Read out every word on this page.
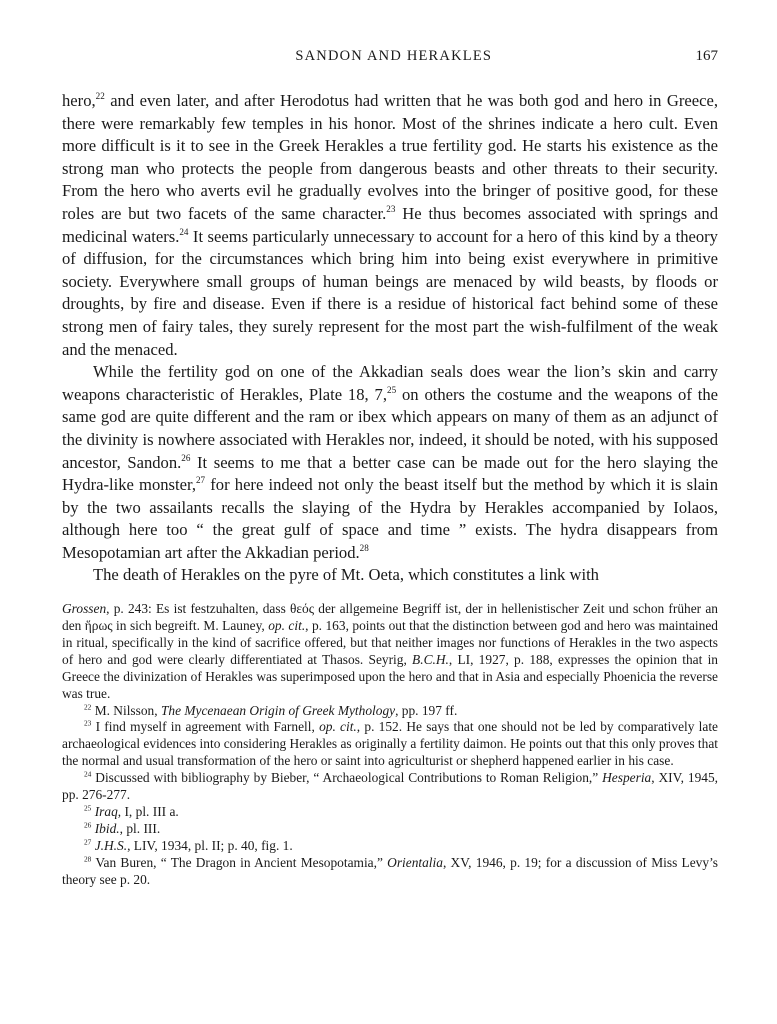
SANDON AND HERAKLES	167

hero,$^{22}$ and even later, and after Herodotus had written that he was both god and hero in Greece, there were remarkably few temples in his honor. Most of the shrines indicate a hero cult. Even more difficult is it to see in the Greek Herakles a true fertility god. He starts his existence as the strong man who protects the people from dangerous beasts and other threats to their security. From the hero who averts evil he gradually evolves into the bringer of positive good, for these roles are but two facets of the same character.$^{23}$ He thus becomes associated with springs and medicinal waters.$^{24}$ It seems particularly unnecessary to account for a hero of this kind by a theory of diffusion, for the circumstances which bring him into being exist everywhere in primitive society. Everywhere small groups of human beings are menaced by wild beasts, by floods or droughts, by fire and disease. Even if there is a residue of historical fact behind some of these strong men of fairy tales, they surely represent for the most part the wish-fulfilment of the weak and the menaced.

While the fertility god on one of the Akkadian seals does wear the lion’s skin and carry weapons characteristic of Herakles, Plate 18, 7,25 on others the costume and the weapons of the same god are quite different and the ram or ibex which appears on many of them as an adjunct of the divinity is nowhere associated with Herakles nor, indeed, it should be noted, with his supposed ancestor, Sandon.$^{26}$ It seems to me that a better case can be made out for the hero slaying the Hydra-like monster,$^{27}$ for here indeed not only the beast itself but the method by which it is slain by the two assailants recalls the slaying of the Hydra by Herakles accompanied by Iolaos, although here too “ the great gulf of space and time ” exists. The hydra disappears from Mesopotamian art after the Akkadian period.$^{28}$

The death of Herakles on the pyre of Mt. Oeta, which constitutes a link with

Grossen, p. 243: Es ist festzuhalten, dass θεός der allgemeine Begriff ist, der in hellenistischer Zeit und schon früher an den ἥρως in sich begreift. M. Launey, op. cit., p. 163, points out that the distinction between god and hero was maintained in ritual, specifically in the kind of sacrifice offered, but that neither images nor functions of Herakles in the two aspects of hero and god were clearly differentiated at Thasos. Seyrig, B.C.H., LI, 1927, p. 188, expresses the opinion that in Greece the divinization of Herakles was superimposed upon the hero and that in Asia and especially Phoenicia the reverse was true.

$^{22}$ M. Nilsson, The Mycenaean Origin of Greek Mythology, pp. 197 ff.

$^{23}$ I find myself in agreement with Farnell, op. cit., p. 152. He says that one should not be led by comparatively late archaeological evidences into considering Herakles as originally a fertility daimon. He points out that this only proves that the normal and usual transformation of the hero or saint into agriculturist or shepherd happened earlier in his case.

$^{24}$ Discussed with bibliography by Bieber, “ Archaeological Contributions to Roman Religion,” Hesperia, XIV, 1945, pp. 276-277.

$^{25}$ Iraq, I, pl. III a.

$^{26}$ Ibid., pl. III.

$^{27}$ J.H.S., LIV, 1934, pl. II; p. 40, fig. 1.

$^{28}$ Van Buren, “ The Dragon in Ancient Mesopotamia,” Orientalia, XV, 1946, p. 19; for a discussion of Miss Levy’s theory see p. 20.
